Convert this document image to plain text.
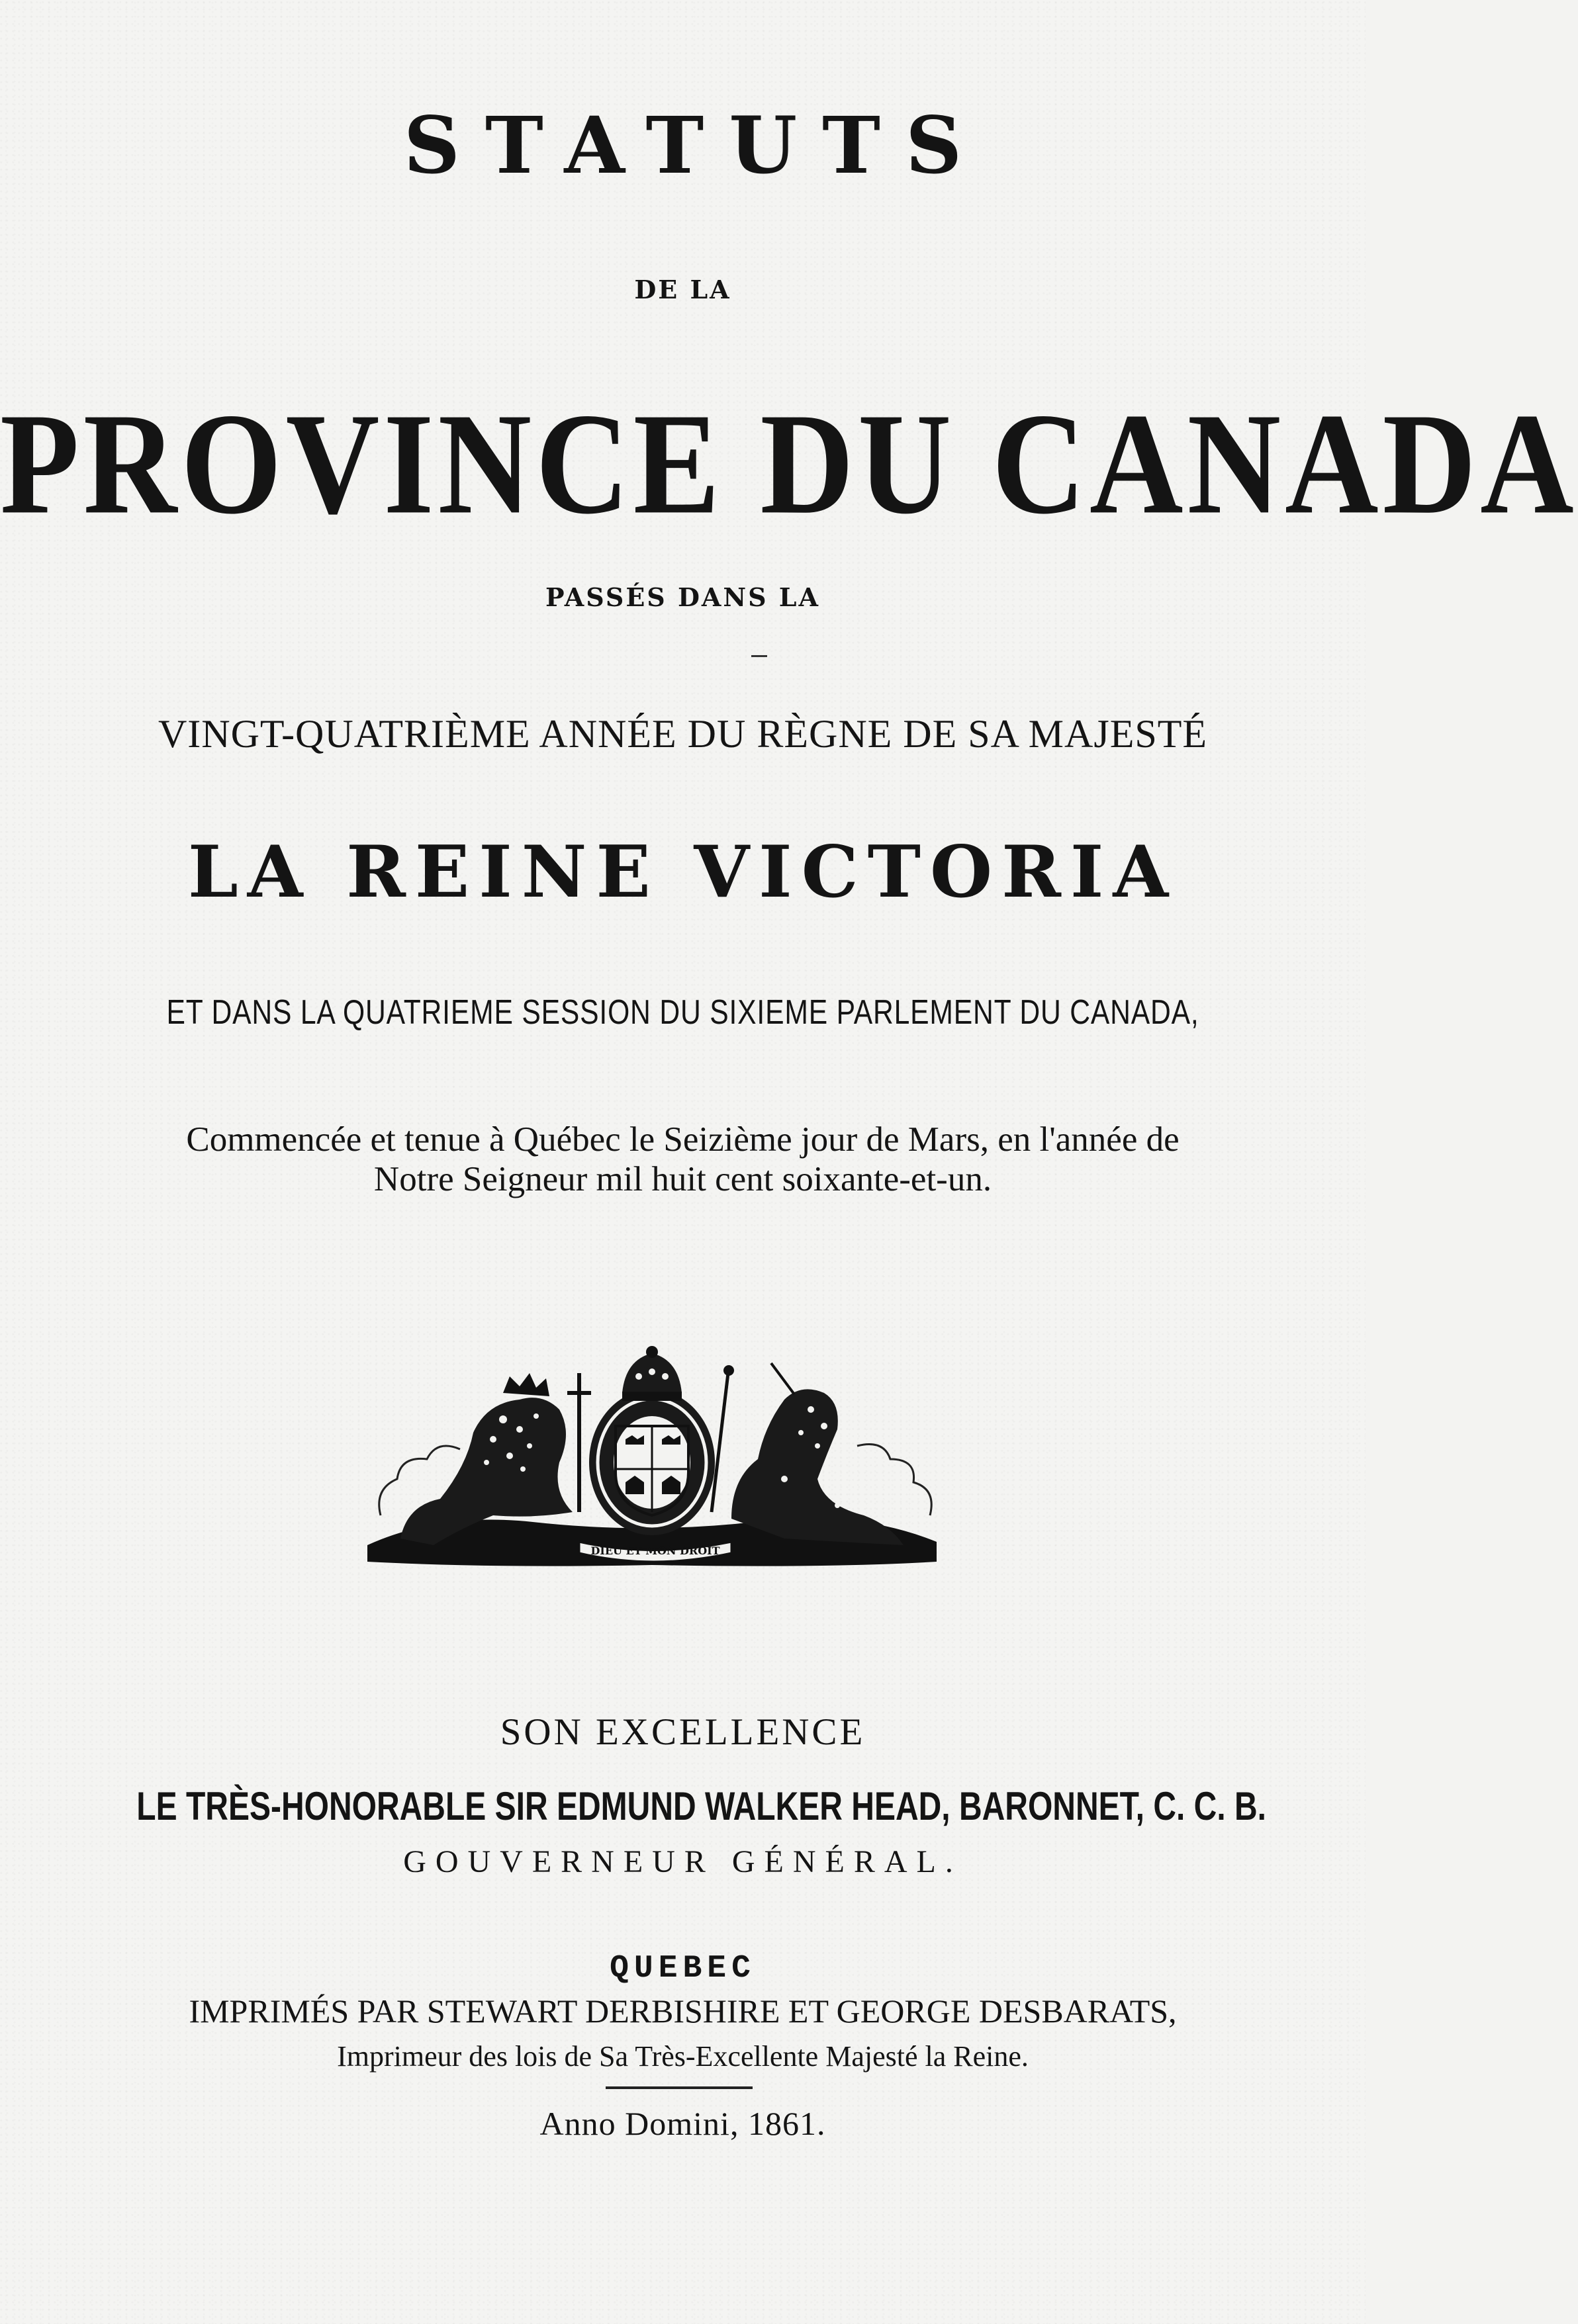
STATUTS
DE LA
PROVINCE DU CANADA
PASSÉS DANS LA
VINGT-QUATRIÈME ANNÉE DU RÈGNE DE SA MAJESTÉ
LA REINE VICTORIA
ET DANS LA QUATRIEME SESSION DU SIXIEME PARLEMENT DU CANADA,
Commencée et tenue à Québec le Seizième jour de Mars, en l'année de
Notre Seigneur mil huit cent soixante-et-un.
DIEU ET MON DROIT
SON EXCELLENCE
LE TRÈS-HONORABLE SIR EDMUND WALKER HEAD, BARONNET, C. C. B.
GOUVERNEUR GÉNÉRAL.
QUEBEC
IMPRIMÉS PAR STEWART DERBISHIRE ET GEORGE DESBARATS,
Imprimeur des lois de Sa Très-Excellente Majesté la Reine.
Anno Domini, 1861.
